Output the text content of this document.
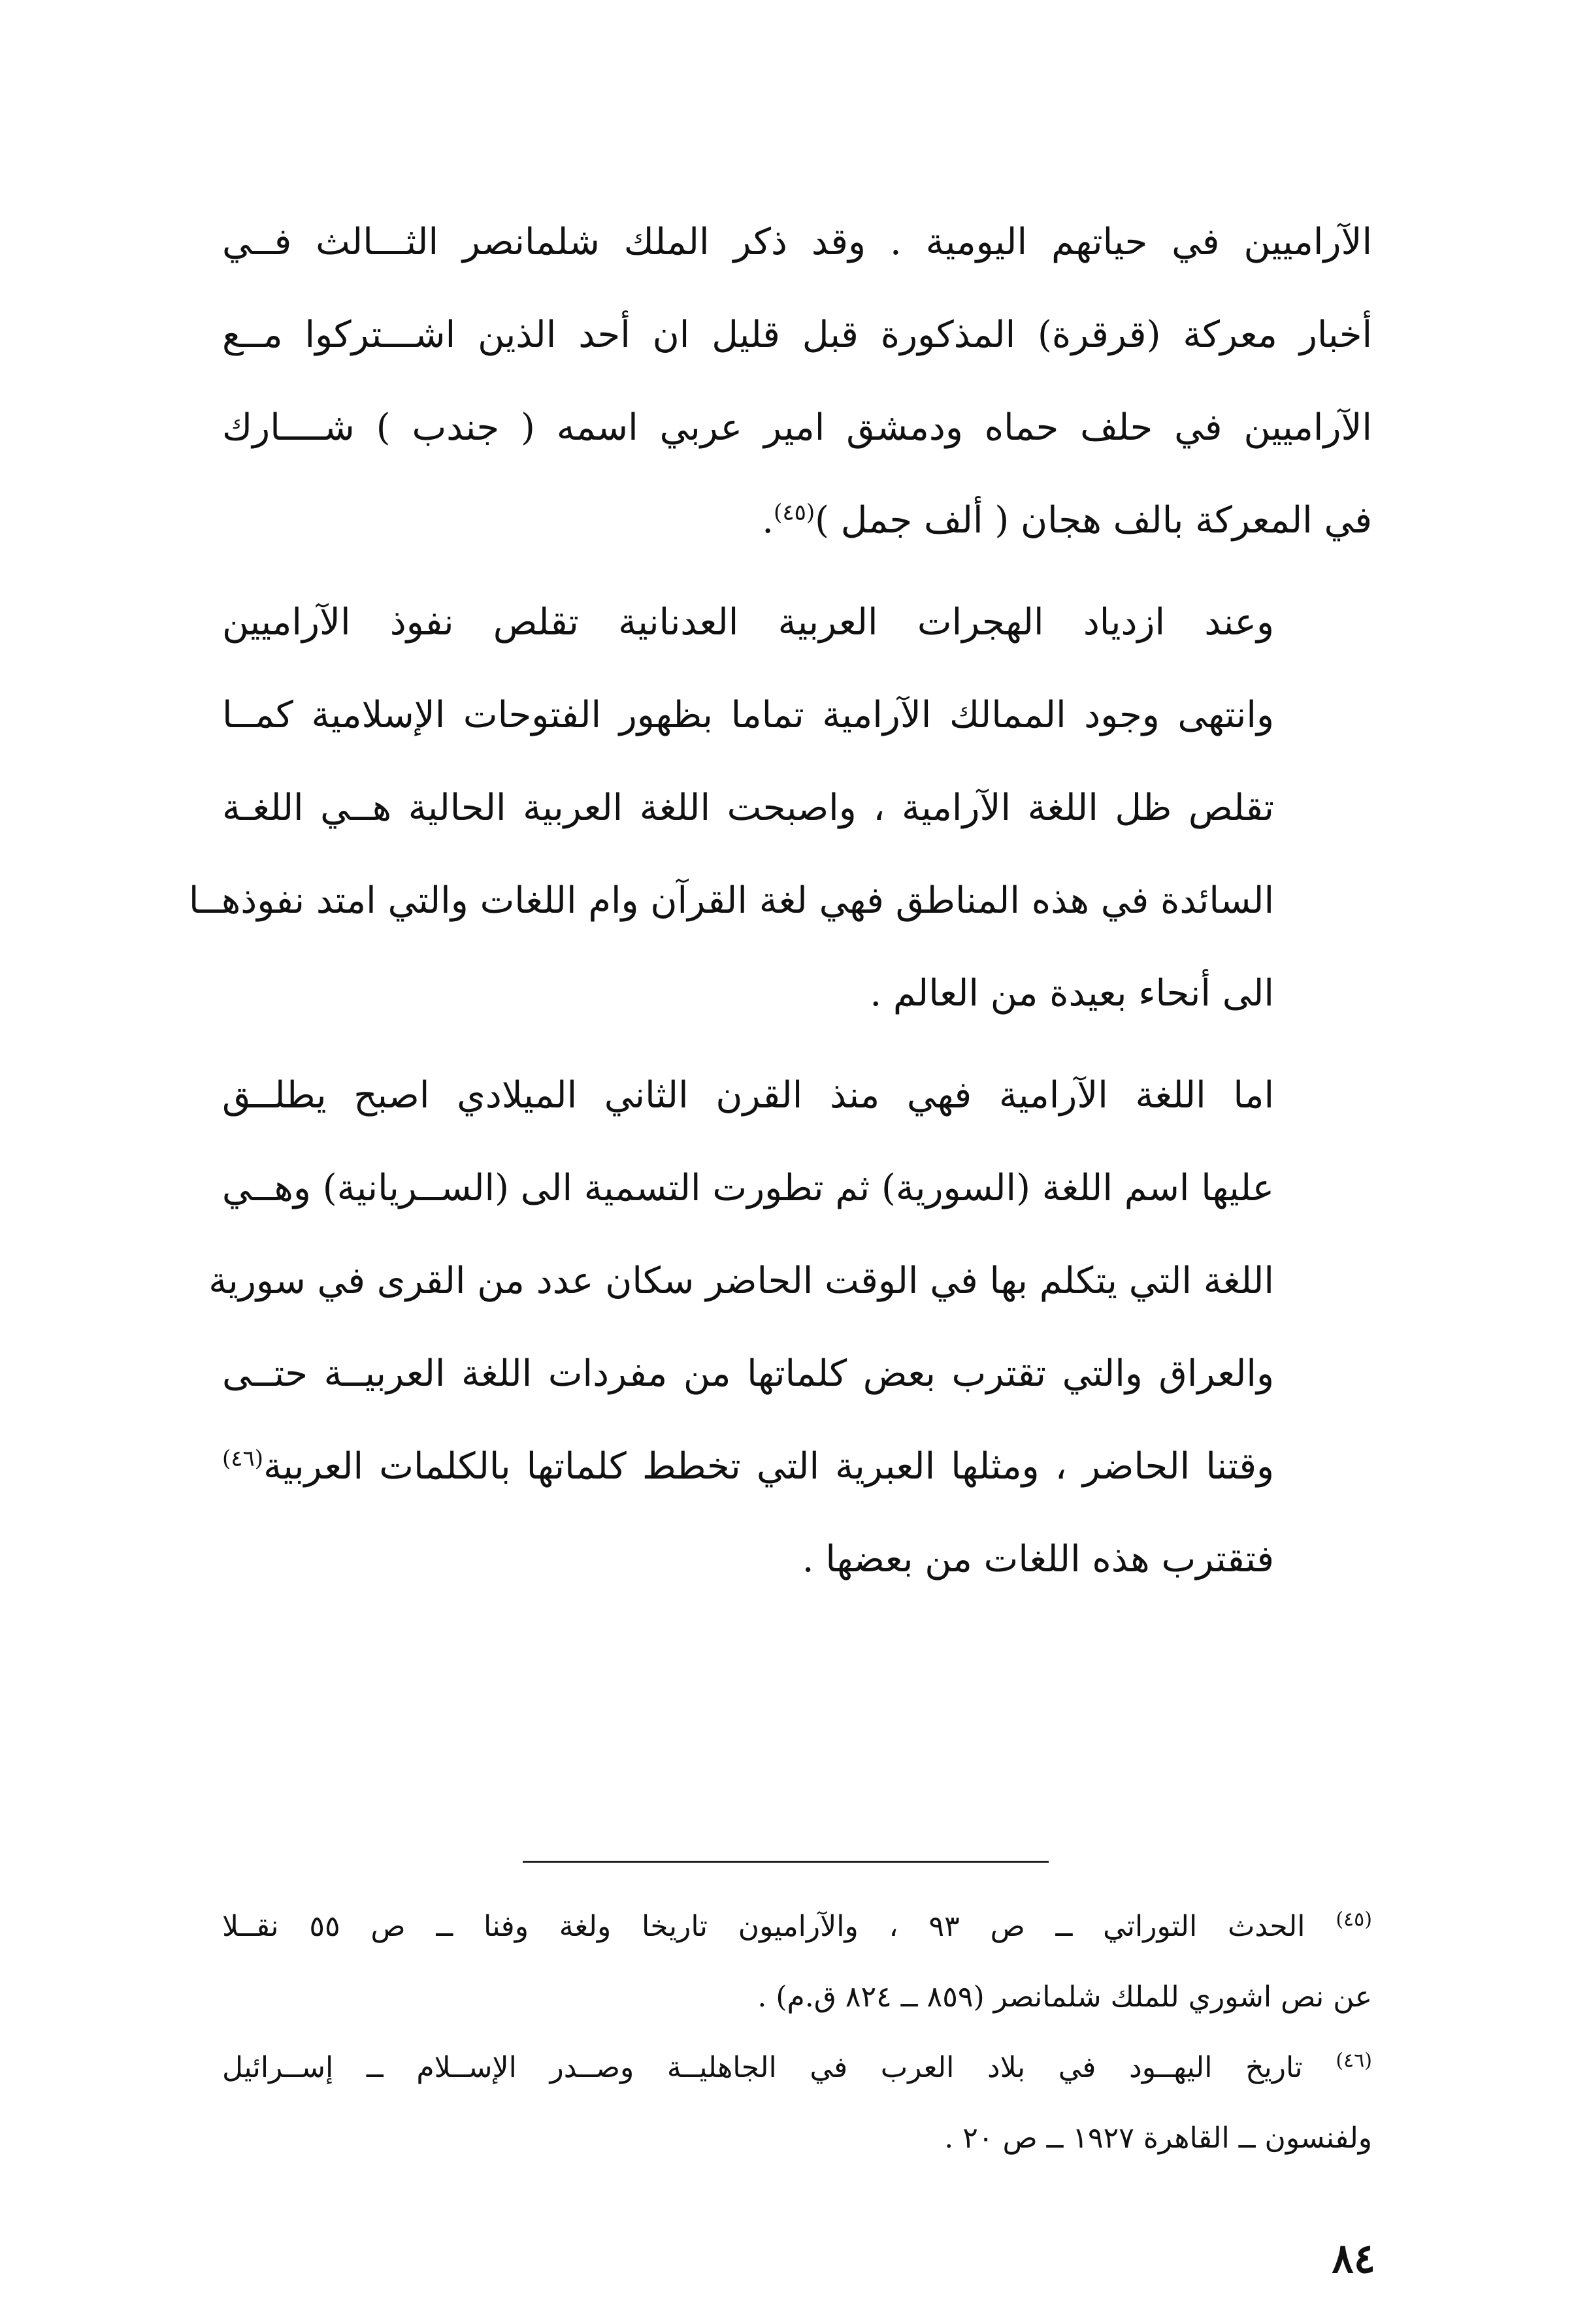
الآراميين في حياتهم اليومية . وقد ذكر الملك شلمانصر الثـــالث فــي
أخبار معركة (قرقرة) المذكورة قبل قليل ان أحد الذين اشـــتركوا مــع
الآراميين في حلف حماه ودمشق امير عربي اسمه ( جندب ) شــــارك
في المعركة بالف هجان ( ألف جمل )$^{(٤٥)}$.

وعند ازدياد الهجرات العربية العدنانية تقلص نفوذ الآراميين
وانتهى وجود الممالك الآرامية تماما بظهور الفتوحات الإسلامية كمــا
تقلص ظل اللغة الآرامية ، واصبحت اللغة العربية الحالية هــي اللغـة
السائدة في هذه المناطق فهي لغة القرآن وام اللغات والتي امتد نفوذهــا
الى أنحاء بعيدة من العالم .

اما اللغة الآرامية فهي منذ القرن الثاني الميلادي اصبح يطلــق
عليها اسم اللغة (السورية) ثم تطورت التسمية الى (الســريانية) وهــي
اللغة التي يتكلم بها في الوقت الحاضر سكان عدد من القرى في سورية
والعراق والتي تقترب بعض كلماتها من مفردات اللغة العربيــة حتــى
وقتنا الحاضر ، ومثلها العبرية التي تخطط كلماتها بالكلمات العربية$^{(٤٦)}$
فتقترب هذه اللغات من بعضها .

$^{(٤٥)}$ الحدث التوراتي ــ ص ٩٣ ، والآراميون تاريخا ولغة وفنا ــ ص ٥٥ نقــلا
عن نص اشوري للملك شلمانصر (٨٥٩ ــ ٨٢٤ ق.م) .

$^{(٤٦)}$ تاريخ اليهــود في بلاد العرب في الجاهليــة وصــدر الإســلام ــ إســرائيل
ولفنسون ــ القاهرة ١٩٢٧ ــ ص ٢٠ .

٨٤
